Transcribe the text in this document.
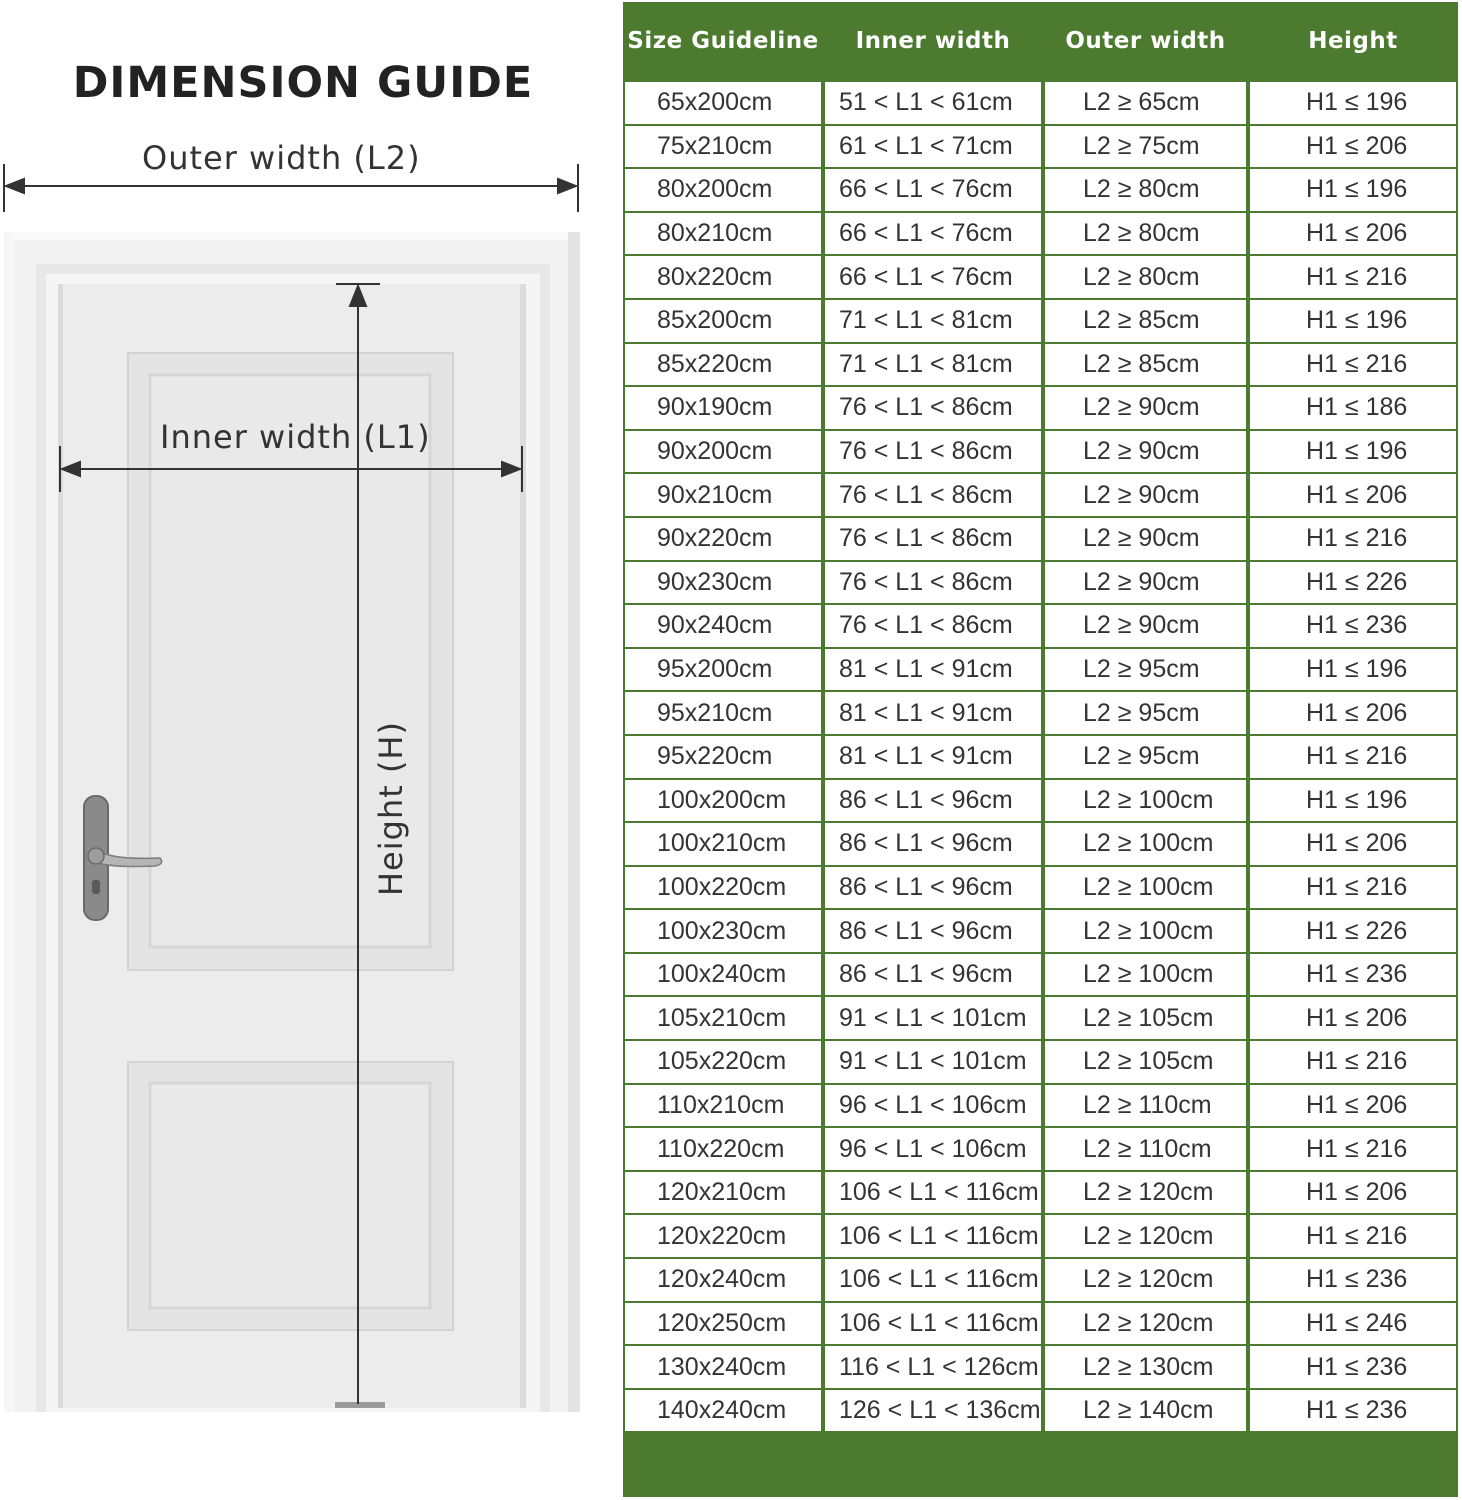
DIMENSION GUIDE
Outer width (L2)
Inner width (L1)
Height (H)
Size Guideline	Inner width	Outer width	Height
65x200cm	51 < L1 < 61cm	L2 ≥ 65cm	H1 ≤ 196
75x210cm	61 < L1 < 71cm	L2 ≥ 75cm	H1 ≤ 206
80x200cm	66 < L1 < 76cm	L2 ≥ 80cm	H1 ≤ 196
80x210cm	66 < L1 < 76cm	L2 ≥ 80cm	H1 ≤ 206
80x220cm	66 < L1 < 76cm	L2 ≥ 80cm	H1 ≤ 216
85x200cm	71 < L1 < 81cm	L2 ≥ 85cm	H1 ≤ 196
85x220cm	71 < L1 < 81cm	L2 ≥ 85cm	H1 ≤ 216
90x190cm	76 < L1 < 86cm	L2 ≥ 90cm	H1 ≤ 186
90x200cm	76 < L1 < 86cm	L2 ≥ 90cm	H1 ≤ 196
90x210cm	76 < L1 < 86cm	L2 ≥ 90cm	H1 ≤ 206
90x220cm	76 < L1 < 86cm	L2 ≥ 90cm	H1 ≤ 216
90x230cm	76 < L1 < 86cm	L2 ≥ 90cm	H1 ≤ 226
90x240cm	76 < L1 < 86cm	L2 ≥ 90cm	H1 ≤ 236
95x200cm	81 < L1 < 91cm	L2 ≥ 95cm	H1 ≤ 196
95x210cm	81 < L1 < 91cm	L2 ≥ 95cm	H1 ≤ 206
95x220cm	81 < L1 < 91cm	L2 ≥ 95cm	H1 ≤ 216
100x200cm	86 < L1 < 96cm	L2 ≥ 100cm	H1 ≤ 196
100x210cm	86 < L1 < 96cm	L2 ≥ 100cm	H1 ≤ 206
100x220cm	86 < L1 < 96cm	L2 ≥ 100cm	H1 ≤ 216
100x230cm	86 < L1 < 96cm	L2 ≥ 100cm	H1 ≤ 226
100x240cm	86 < L1 < 96cm	L2 ≥ 100cm	H1 ≤ 236
105x210cm	91 < L1 < 101cm	L2 ≥ 105cm	H1 ≤ 206
105x220cm	91 < L1 < 101cm	L2 ≥ 105cm	H1 ≤ 216
110x210cm	96 < L1 < 106cm	L2 ≥ 110cm	H1 ≤ 206
110x220cm	96 < L1 < 106cm	L2 ≥ 110cm	H1 ≤ 216
120x210cm	106 < L1 < 116cm	L2 ≥ 120cm	H1 ≤ 206
120x220cm	106 < L1 < 116cm	L2 ≥ 120cm	H1 ≤ 216
120x240cm	106 < L1 < 116cm	L2 ≥ 120cm	H1 ≤ 236
120x250cm	106 < L1 < 116cm	L2 ≥ 120cm	H1 ≤ 246
130x240cm	116 < L1 < 126cm	L2 ≥ 130cm	H1 ≤ 236
140x240cm	126 < L1 < 136cm	L2 ≥ 140cm	H1 ≤ 236
